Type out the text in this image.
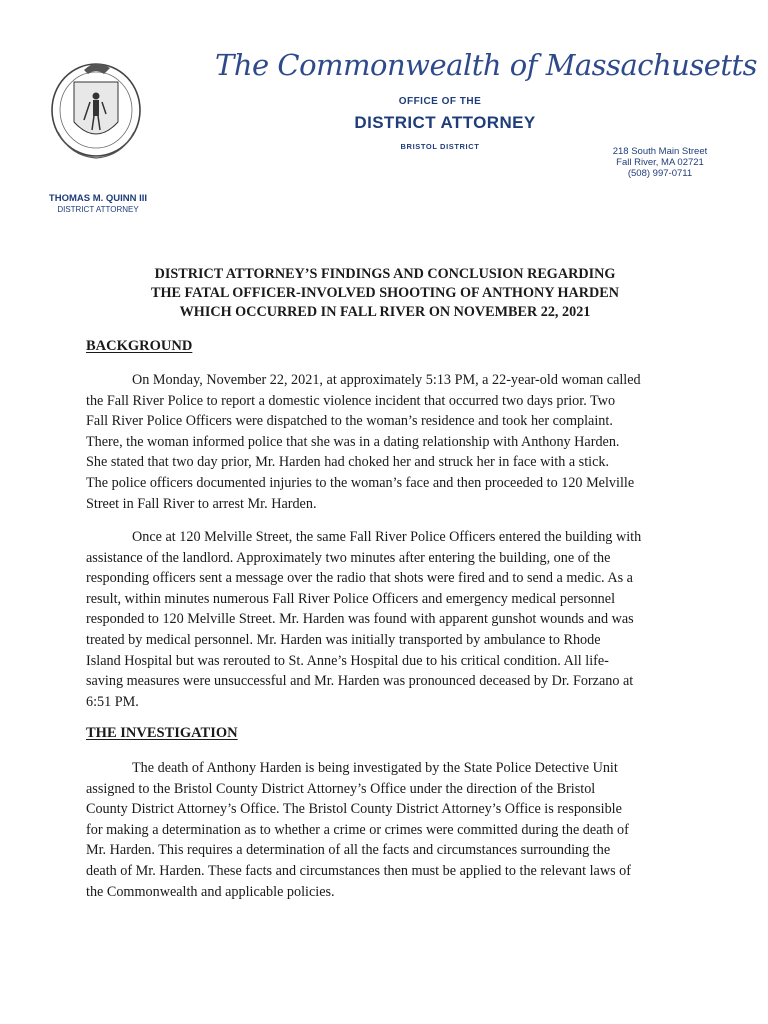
The Commonwealth of Massachusetts
OFFICE OF THE
DISTRICT ATTORNEY
BRISTOL DISTRICT	218 South Main Street
Fall River, MA 02721
(508) 997-0711
THOMAS M. QUINN III
DISTRICT ATTORNEY
DISTRICT ATTORNEY’S FINDINGS AND CONCLUSION REGARDING
THE FATAL OFFICER-INVOLVED SHOOTING OF ANTHONY HARDEN
WHICH OCCURRED IN FALL RIVER ON NOVEMBER 22, 2021
BACKGROUND
On Monday, November 22, 2021, at approximately 5:13 PM, a 22-year-old woman called
the Fall River Police to report a domestic violence incident that occurred two days prior. Two
Fall River Police Officers were dispatched to the woman’s residence and took her complaint.
There, the woman informed police that she was in a dating relationship with Anthony Harden.
She stated that two day prior, Mr. Harden had choked her and struck her in face with a stick.
The police officers documented injuries to the woman’s face and then proceeded to 120 Melville
Street in Fall River to arrest Mr. Harden.
Once at 120 Melville Street, the same Fall River Police Officers entered the building with
assistance of the landlord. Approximately two minutes after entering the building, one of the
responding officers sent a message over the radio that shots were fired and to send a medic. As a
result, within minutes numerous Fall River Police Officers and emergency medical personnel
responded to 120 Melville Street. Mr. Harden was found with apparent gunshot wounds and was
treated by medical personnel. Mr. Harden was initially transported by ambulance to Rhode
Island Hospital but was rerouted to St. Anne’s Hospital due to his critical condition. All life-
saving measures were unsuccessful and Mr. Harden was pronounced deceased by Dr. Forzano at
6:51 PM.
THE INVESTIGATION
The death of Anthony Harden is being investigated by the State Police Detective Unit
assigned to the Bristol County District Attorney’s Office under the direction of the Bristol
County District Attorney’s Office. The Bristol County District Attorney’s Office is responsible
for making a determination as to whether a crime or crimes were committed during the death of
Mr. Harden. This requires a determination of all the facts and circumstances surrounding the
death of Mr. Harden. These facts and circumstances then must be applied to the relevant laws of
the Commonwealth and applicable policies.
